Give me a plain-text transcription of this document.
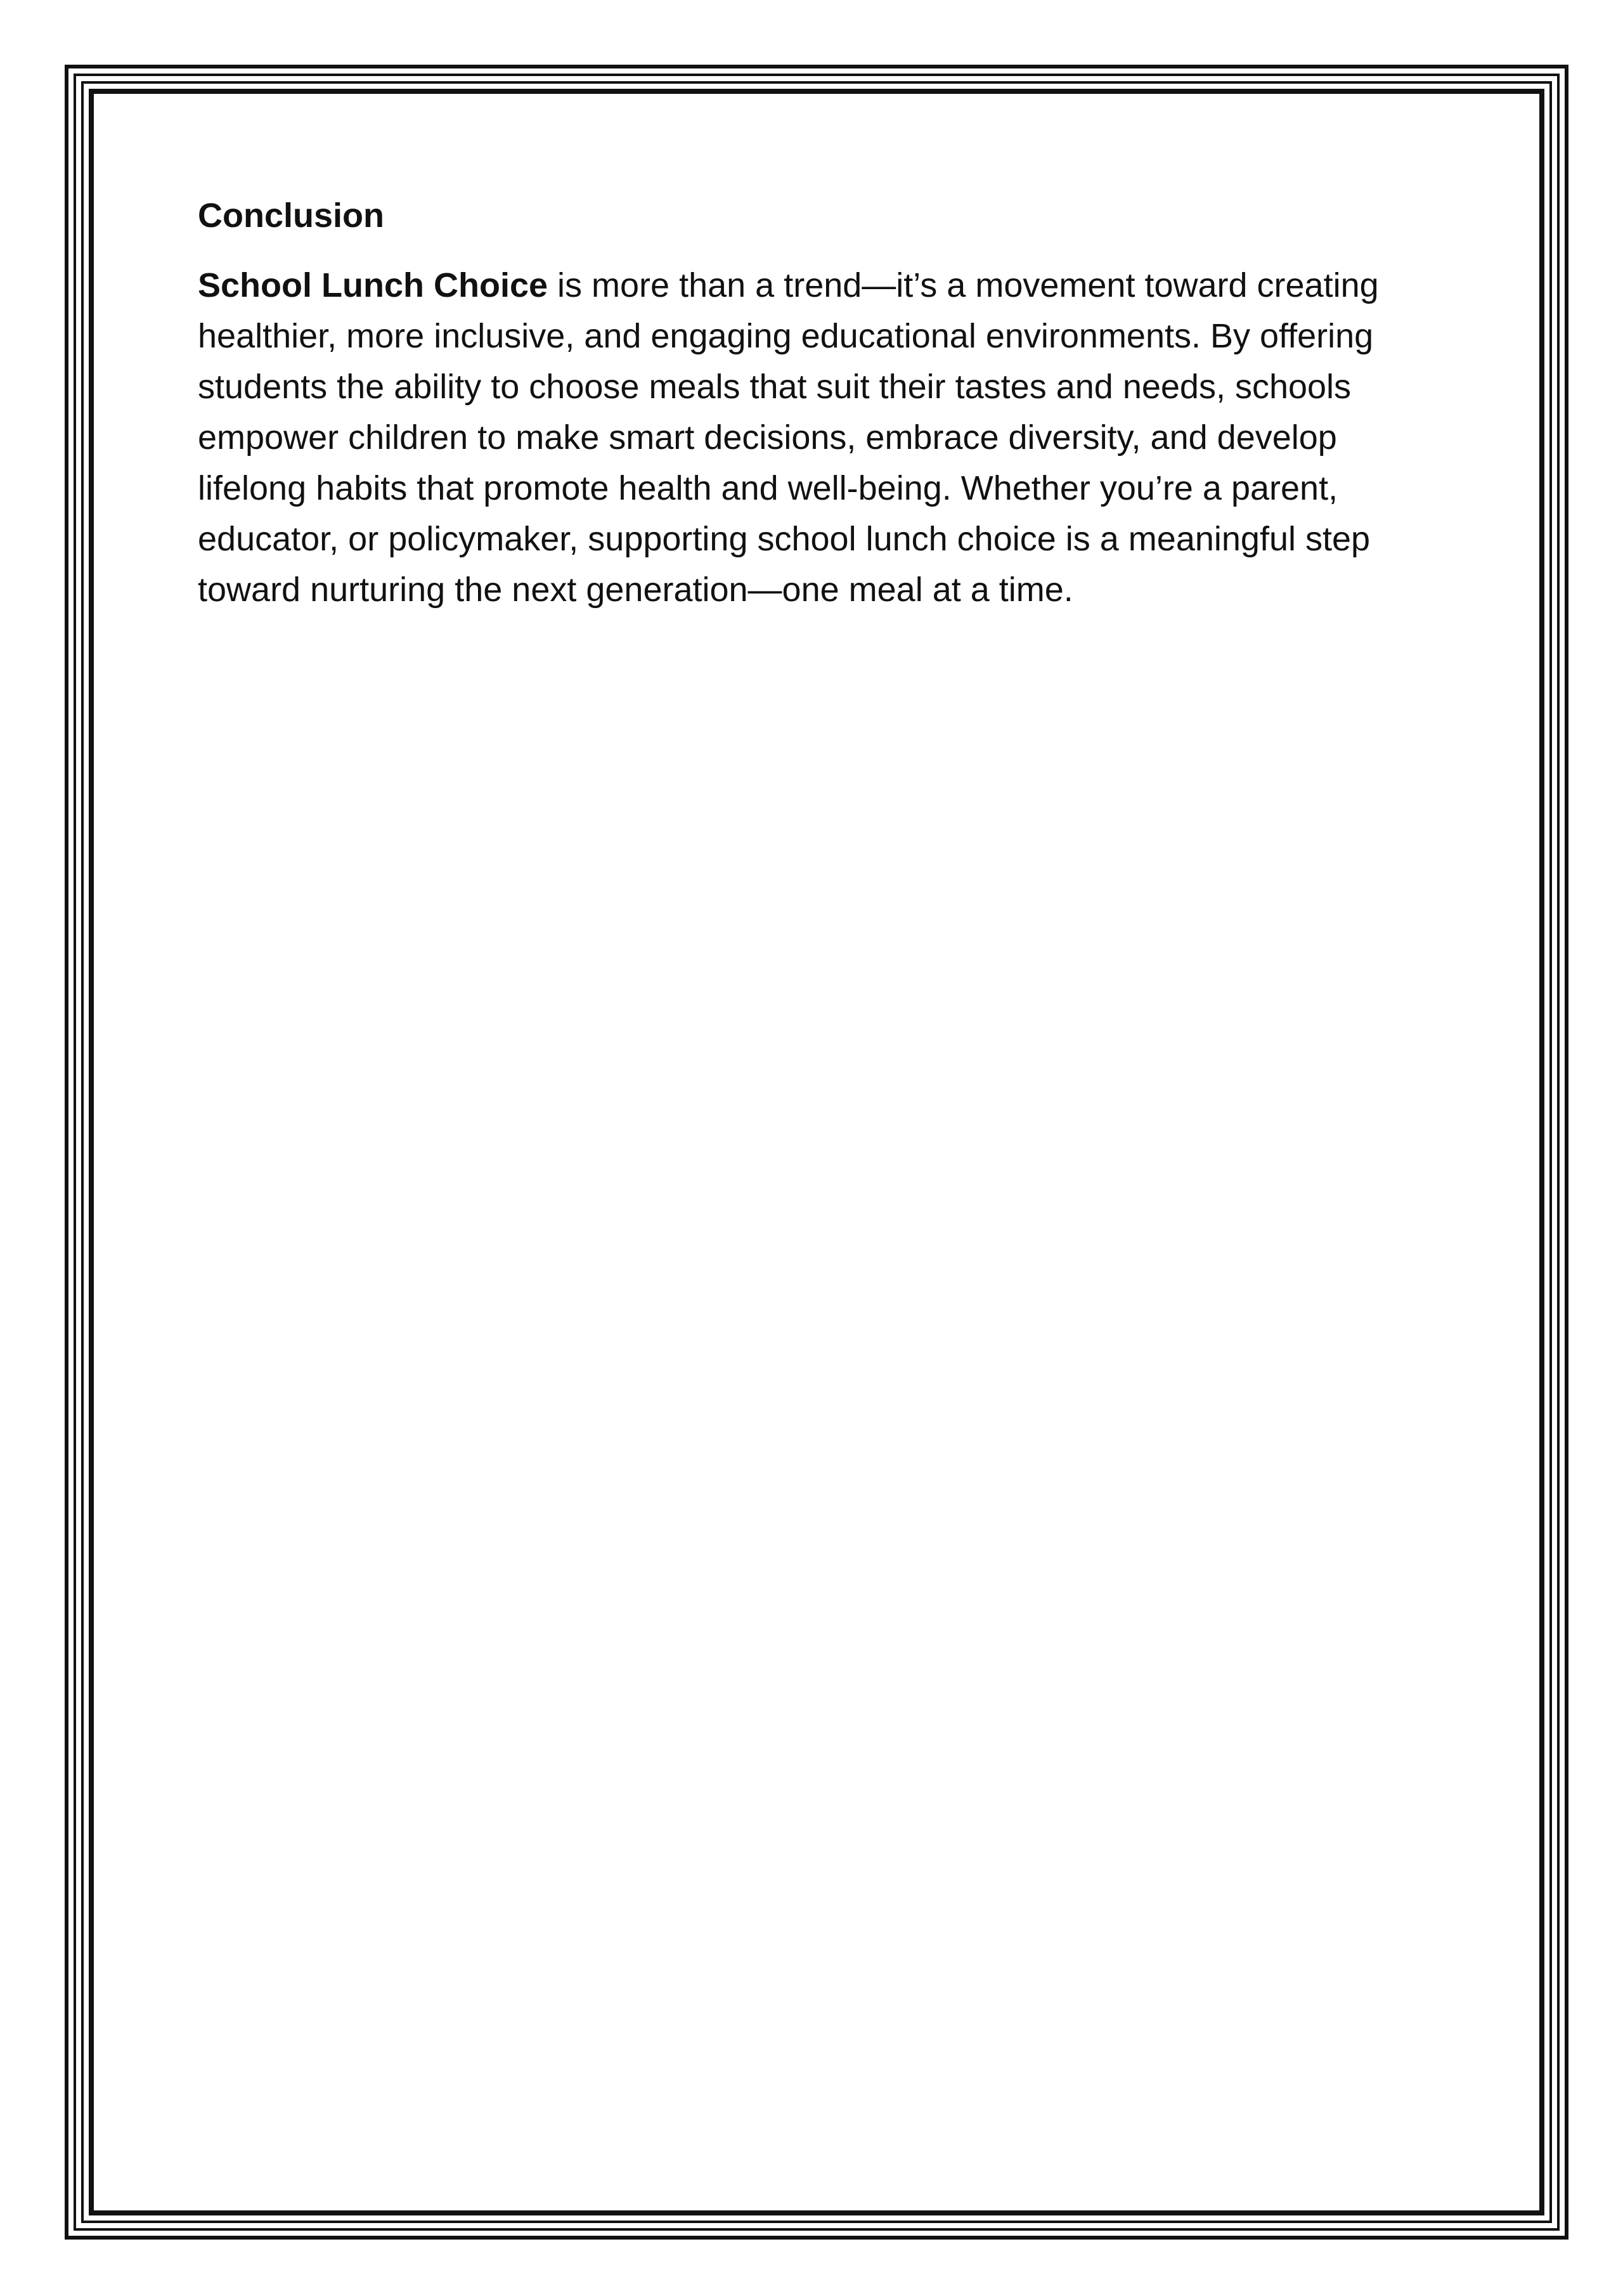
Conclusion

School Lunch Choice is more than a trend—it’s a movement toward creating
healthier, more inclusive, and engaging educational environments. By offering
students the ability to choose meals that suit their tastes and needs, schools
empower children to make smart decisions, embrace diversity, and develop
lifelong habits that promote health and well-being. Whether you’re a parent,
educator, or policymaker, supporting school lunch choice is a meaningful step
toward nurturing the next generation—one meal at a time.
